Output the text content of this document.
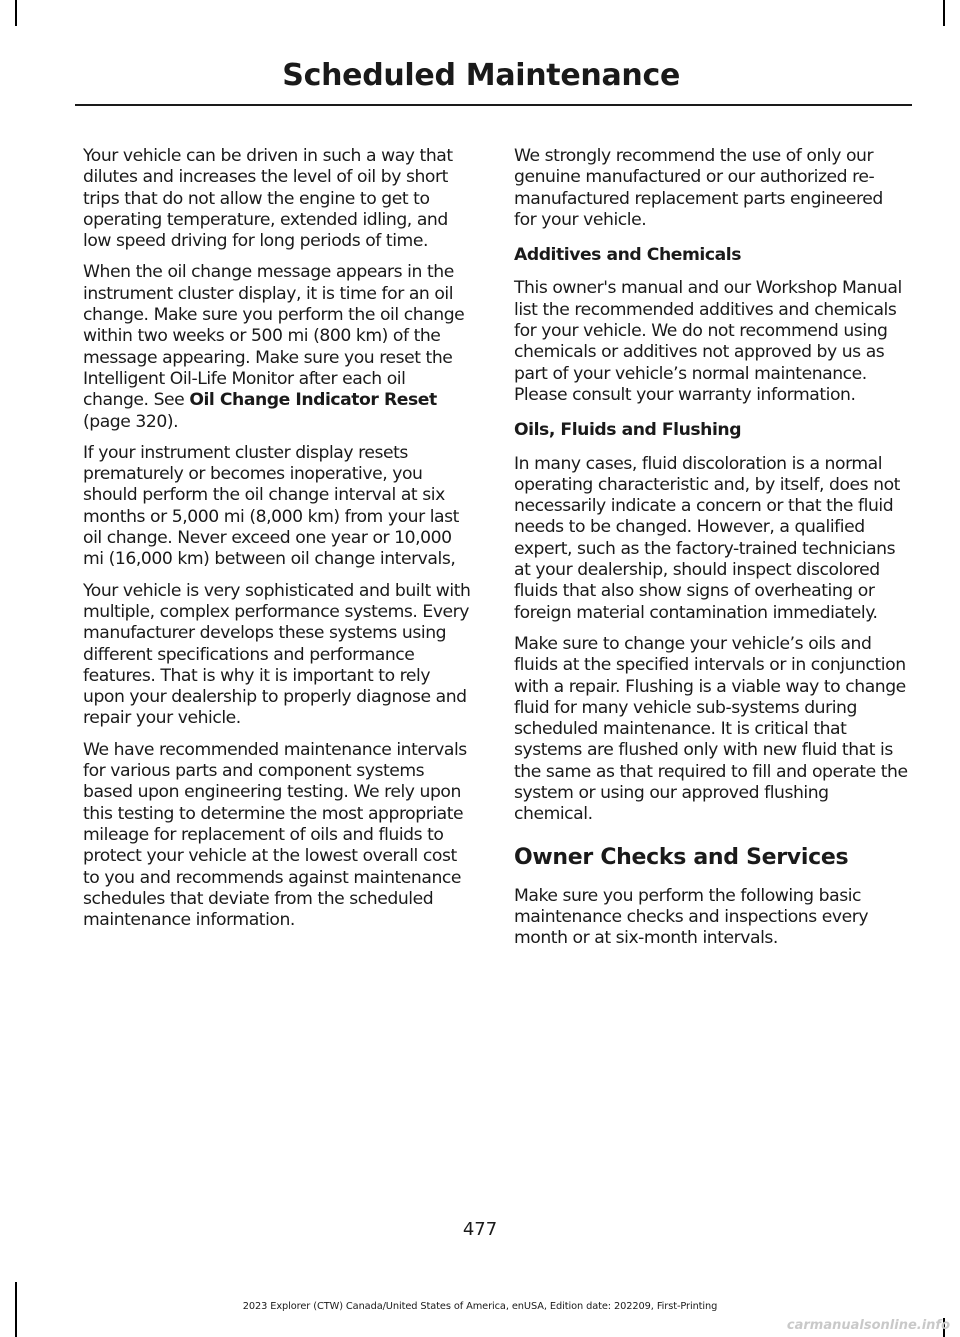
Scheduled Maintenance

Your vehicle can be driven in such a way that dilutes and increases the level of oil by short trips that do not allow the engine to get to operating temperature, extended idling, and low speed driving for long periods of time.

When the oil change message appears in the instrument cluster display, it is time for an oil change. Make sure you perform the oil change within two weeks or 500 mi (800 km) of the message appearing. Make sure you reset the Intelligent Oil-Life Monitor after each oil change. See Oil Change Indicator Reset (page 320).

If your instrument cluster display resets prematurely or becomes inoperative, you should perform the oil change interval at six months or 5,000 mi (8,000 km) from your last oil change. Never exceed one year or 10,000 mi (16,000 km) between oil change intervals,

Your vehicle is very sophisticated and built with multiple, complex performance systems. Every manufacturer develops these systems using different specifications and performance features. That is why it is important to rely upon your dealership to properly diagnose and repair your vehicle.

We have recommended maintenance intervals for various parts and component systems based upon engineering testing. We rely upon this testing to determine the most appropriate mileage for replacement of oils and fluids to protect your vehicle at the lowest overall cost to you and recommends against maintenance schedules that deviate from the scheduled maintenance information.

We strongly recommend the use of only our genuine manufactured or our authorized re-manufactured replacement parts engineered for your vehicle.

Additives and Chemicals

This owner's manual and our Workshop Manual list the recommended additives and chemicals for your vehicle. We do not recommend using chemicals or additives not approved by us as part of your vehicle’s normal maintenance. Please consult your warranty information.

Oils, Fluids and Flushing

In many cases, fluid discoloration is a normal operating characteristic and, by itself, does not necessarily indicate a concern or that the fluid needs to be changed. However, a qualified expert, such as the factory-trained technicians at your dealership, should inspect discolored fluids that also show signs of overheating or foreign material contamination immediately.

Make sure to change your vehicle’s oils and fluids at the specified intervals or in conjunction with a repair. Flushing is a viable way to change fluid for many vehicle sub-systems during scheduled maintenance. It is critical that systems are flushed only with new fluid that is the same as that required to fill and operate the system or using our approved flushing chemical.

Owner Checks and Services

Make sure you perform the following basic maintenance checks and inspections every month or at six-month intervals.

477
2023 Explorer (CTW) Canada/United States of America, enUSA, Edition date: 202209, First-Printing
carmanualsonline.info
